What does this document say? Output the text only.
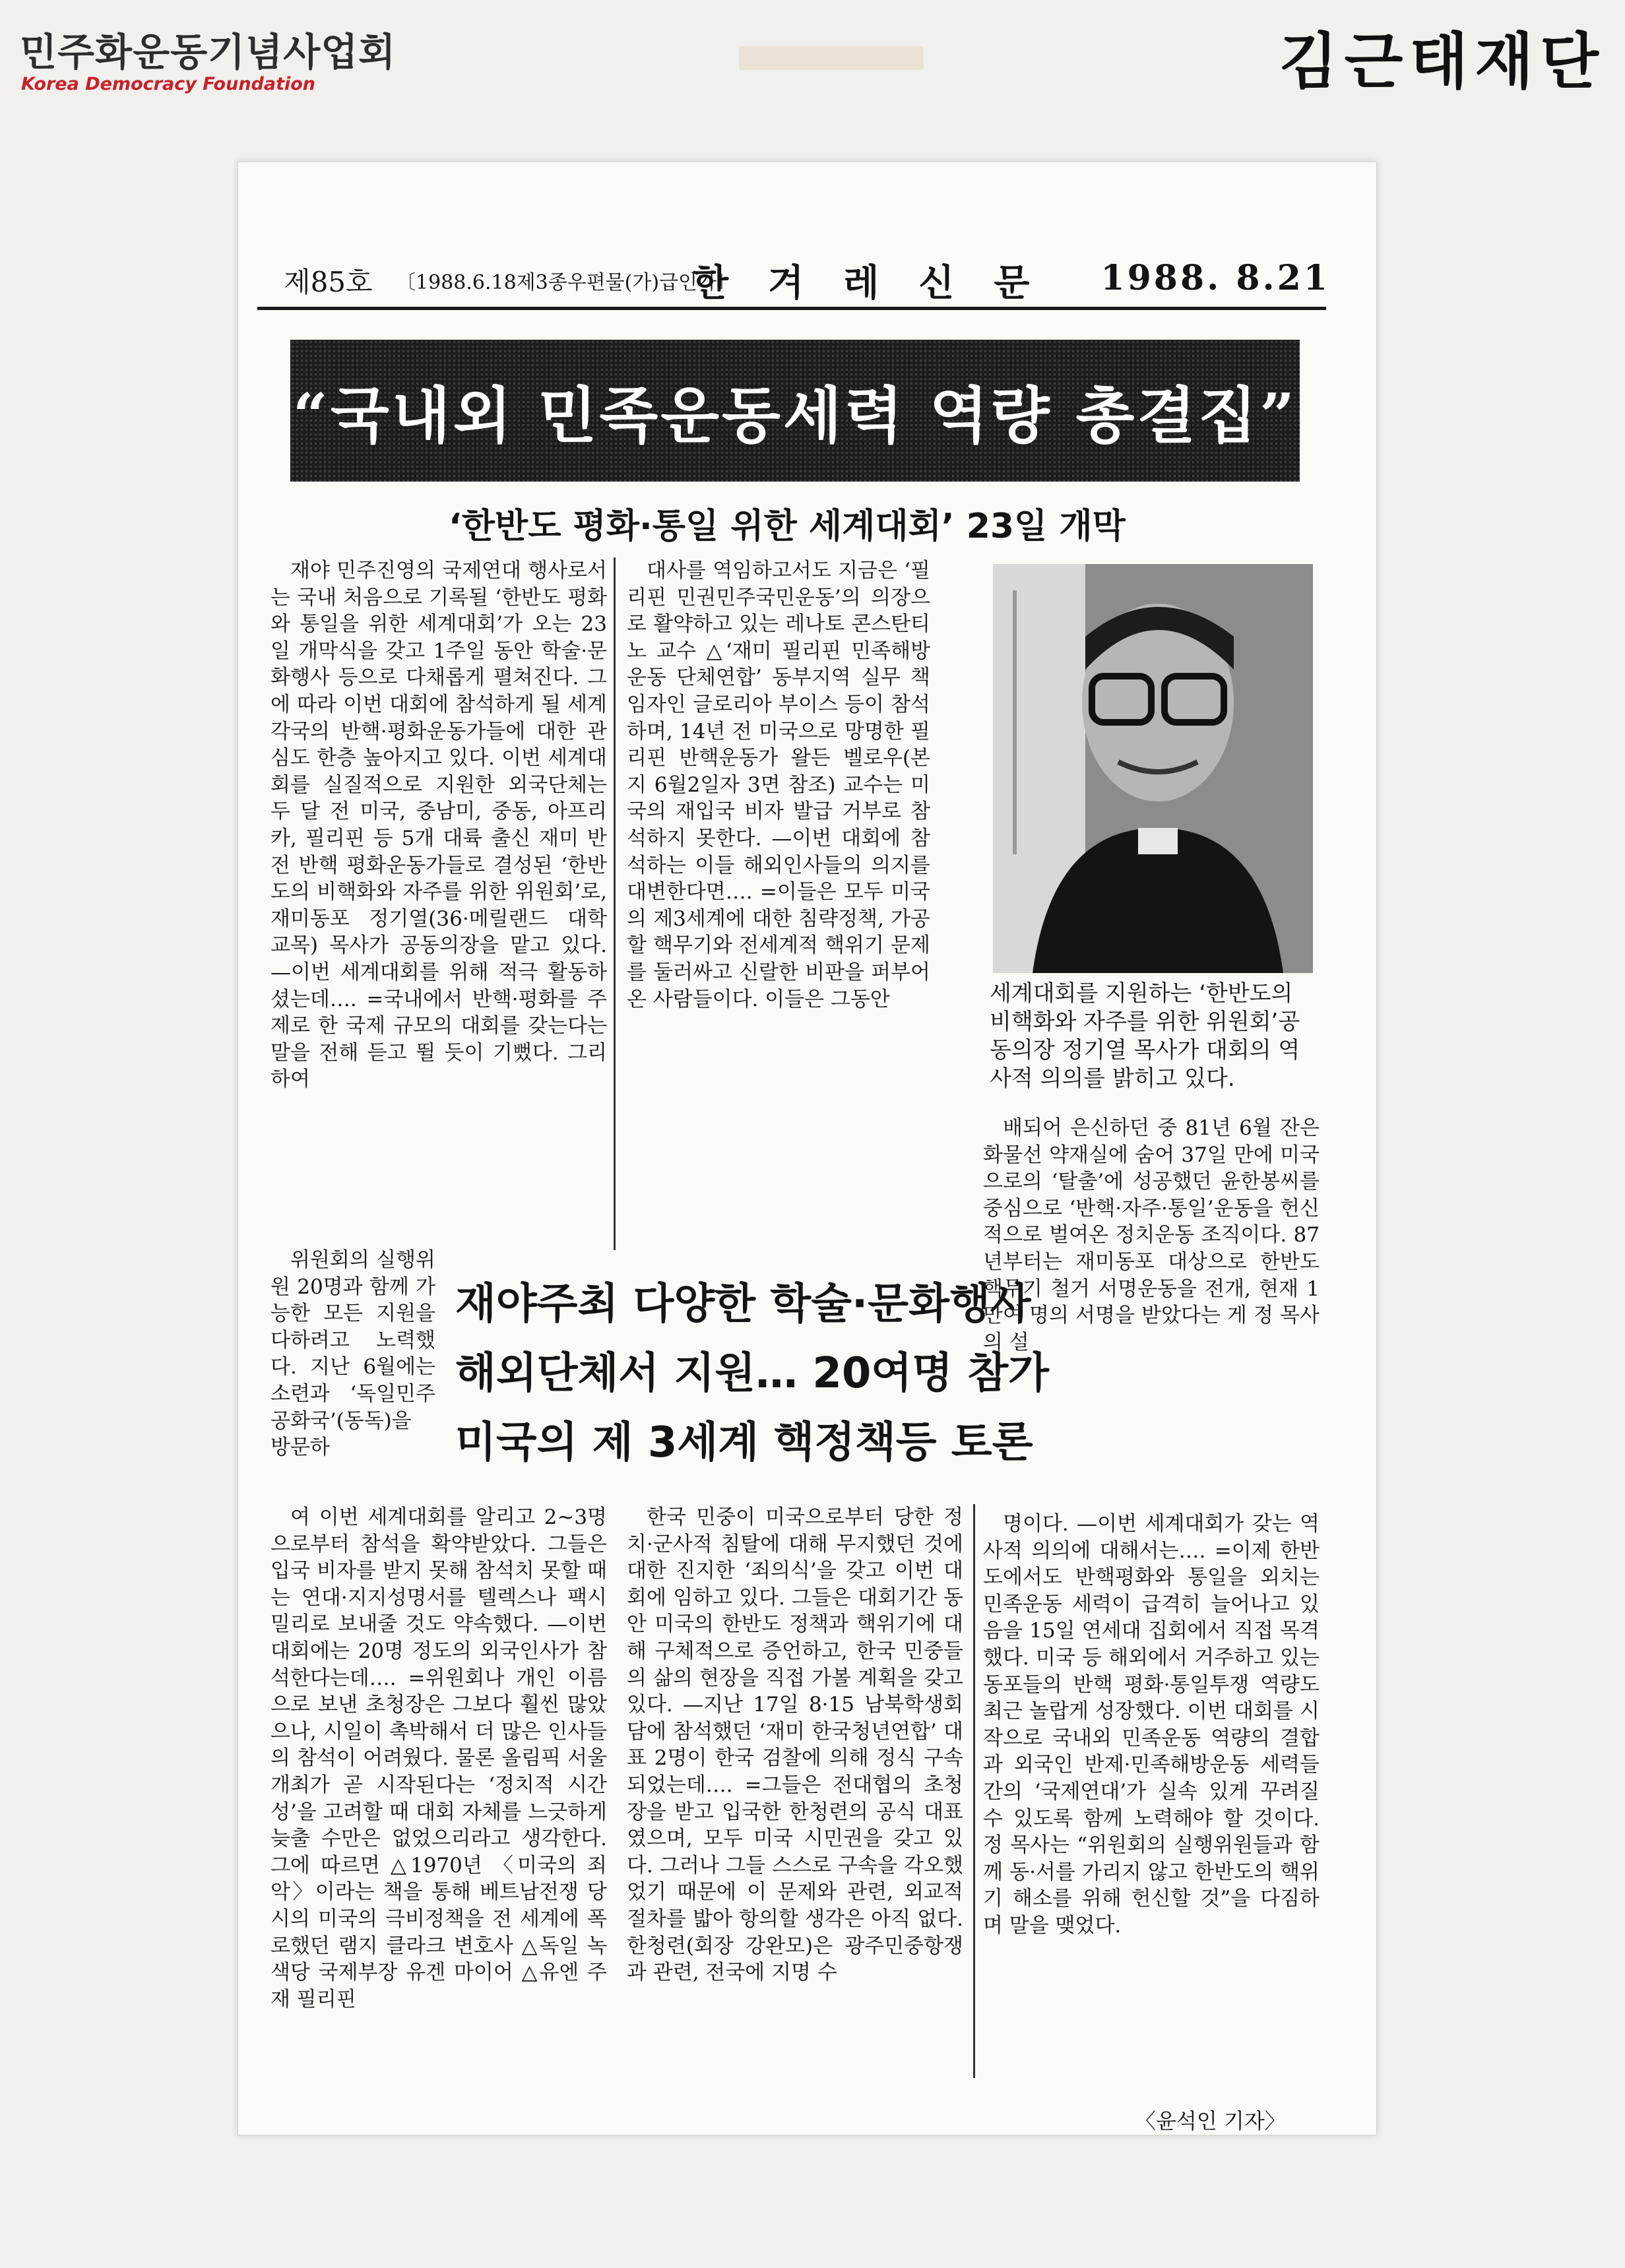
민주화운동기념사업회
Korea Democracy Foundation	김근태재단
제85호 〔1988.6.18제3종우편물(가)급인가〕
한겨레신문 1988. 8.21
“국내외 민족운동세력 역량 총결집”
‘한반도 평화·통일 위한 세계대회’ 23일 개막

재야 민주진영의 국제연대 행사로서는 국내 처음으로 기록될 ‘한반도 평화와 통일을 위한 세계대회’가 오는 23일 개막식을 갖고 1주일 동안 학술·문화행사 등으로 다채롭게 펼쳐진다. 그에 따라 이번 대회에 참석하게 될 세계 각국의 반핵·평화운동가들에 대한 관심도 한층 높아지고 있다. 이번 세계대회를 실질적으로 지원한 외국단체는 두 달 전 미국, 중남미, 중동, 아프리카, 필리핀 등 5개 대륙 출신 재미 반전 반핵 평화운동가들로 결성된 ‘한반도의 비핵화와 자주를 위한 위원회’로, 재미동포 정기열(36·메릴랜드 대학 교목) 목사가 공동의장을 맡고 있다. —이번 세계대회를 위해 적극 활동하셨는데…. =국내에서 반핵·평화를 주제로 한 국제 규모의 대회를 갖는다는 말을 전해 듣고 뛸 듯이 기뻤다. 그리하여

위원회의 실행위원 20명과 함께 가능한 모든 지원을 다하려고 노력했다. 지난 6월에는 소련과 ‘독일민주공화국’(동독)을 방문하

대사를 역임하고서도 지금은 ‘필리핀 민권민주국민운동’의 의장으로 활약하고 있는 레나토 콘스탄티노 교수 △‘재미 필리핀 민족해방운동 단체연합’ 동부지역 실무 책임자인 글로리아 부이스 등이 참석하며, 14년 전 미국으로 망명한 필리핀 반핵운동가 왈든 벨로우(본지 6월2일자 3면 참조) 교수는 미국의 재입국 비자 발급 거부로 참석하지 못한다. —이번 대회에 참석하는 이들 해외인사들의 의지를 대변한다면…. =이들은 모두 미국의 제3세계에 대한 침략정책, 가공할 핵무기와 전세계적 핵위기 문제를 둘러싸고 신랄한 비판을 퍼부어온 사람들이다. 이들은 그동안

배되어 은신하던 중 81년 6월 잔은 화물선 약재실에 숨어 37일 만에 미국으로의 ‘탈출’에 성공했던 윤한봉씨를 중심으로 ‘반핵·자주·통일’운동을 헌신적으로 벌여온 정치운동 조직이다. 87년부터는 재미동포 대상으로 한반도 핵무기 철거 서명운동을 전개, 현재 1만여 명의 서명을 받았다는 게 정 목사의 설

여 이번 세계대회를 알리고 2~3명으로부터 참석을 확약받았다. 그들은 입국 비자를 받지 못해 참석치 못할 때는 연대·지지성명서를 텔렉스나 팩시밀리로 보내줄 것도 약속했다. —이번 대회에는 20명 정도의 외국인사가 참석한다는데…. =위원회나 개인 이름으로 보낸 초청장은 그보다 훨씬 많았으나, 시일이 촉박해서 더 많은 인사들의 참석이 어려웠다. 물론 올림픽 서울 개최가 곧 시작된다는 ‘정치적 시간성’을 고려할 때 대회 자체를 느긋하게 늦출 수만은 없었으리라고 생각한다. 그에 따르면 △1970년 〈미국의 죄악〉이라는 책을 통해 베트남전쟁 당시의 미국의 극비정책을 전 세계에 폭로했던 램지 클라크 변호사 △독일 녹색당 국제부장 유겐 마이어 △유엔 주재 필리핀

한국 민중이 미국으로부터 당한 정치·군사적 침탈에 대해 무지했던 것에 대한 진지한 ‘죄의식’을 갖고 이번 대회에 임하고 있다. 그들은 대회기간 동안 미국의 한반도 정책과 핵위기에 대해 구체적으로 증언하고, 한국 민중들의 삶의 현장을 직접 가볼 계획을 갖고 있다. —지난 17일 8·15 남북학생회담에 참석했던 ‘재미 한국청년연합’ 대표 2명이 한국 검찰에 의해 정식 구속되었는데…. =그들은 전대협의 초청장을 받고 입국한 한청련의 공식 대표였으며, 모두 미국 시민권을 갖고 있다. 그러나 그들 스스로 구속을 각오했었기 때문에 이 문제와 관련, 외교적 절차를 밟아 항의할 생각은 아직 없다. 한청련(회장 강완모)은 광주민중항쟁과 관련, 전국에 지명 수

명이다. —이번 세계대회가 갖는 역사적 의의에 대해서는…. =이제 한반도에서도 반핵평화와 통일을 외치는 민족운동 세력이 급격히 늘어나고 있음을 15일 연세대 집회에서 직접 목격했다. 미국 등 해외에서 거주하고 있는 동포들의 반핵 평화·통일투쟁 역량도 최근 놀랍게 성장했다. 이번 대회를 시작으로 국내외 민족운동 역량의 결합과 외국인 반제·민족해방운동 세력들간의 ‘국제연대’가 실속 있게 꾸려질 수 있도록 함께 노력해야 할 것이다. 정 목사는 “위원회의 실행위원들과 함께 동·서를 가리지 않고 한반도의 핵위기 해소를 위해 헌신할 것”을 다짐하며 말을 맺었다.

세계대회를 지원하는 ‘한반도의 비핵화와 자주를 위한 위원회’공동의장 정기열 목사가 대회의 역사적 의의를 밝히고 있다.
재야주최 다양한 학술·문화행사
해외단체서 지원… 20여명 참가
미국의 제 3세계 핵정책등 토론
〈윤석인 기자〉
